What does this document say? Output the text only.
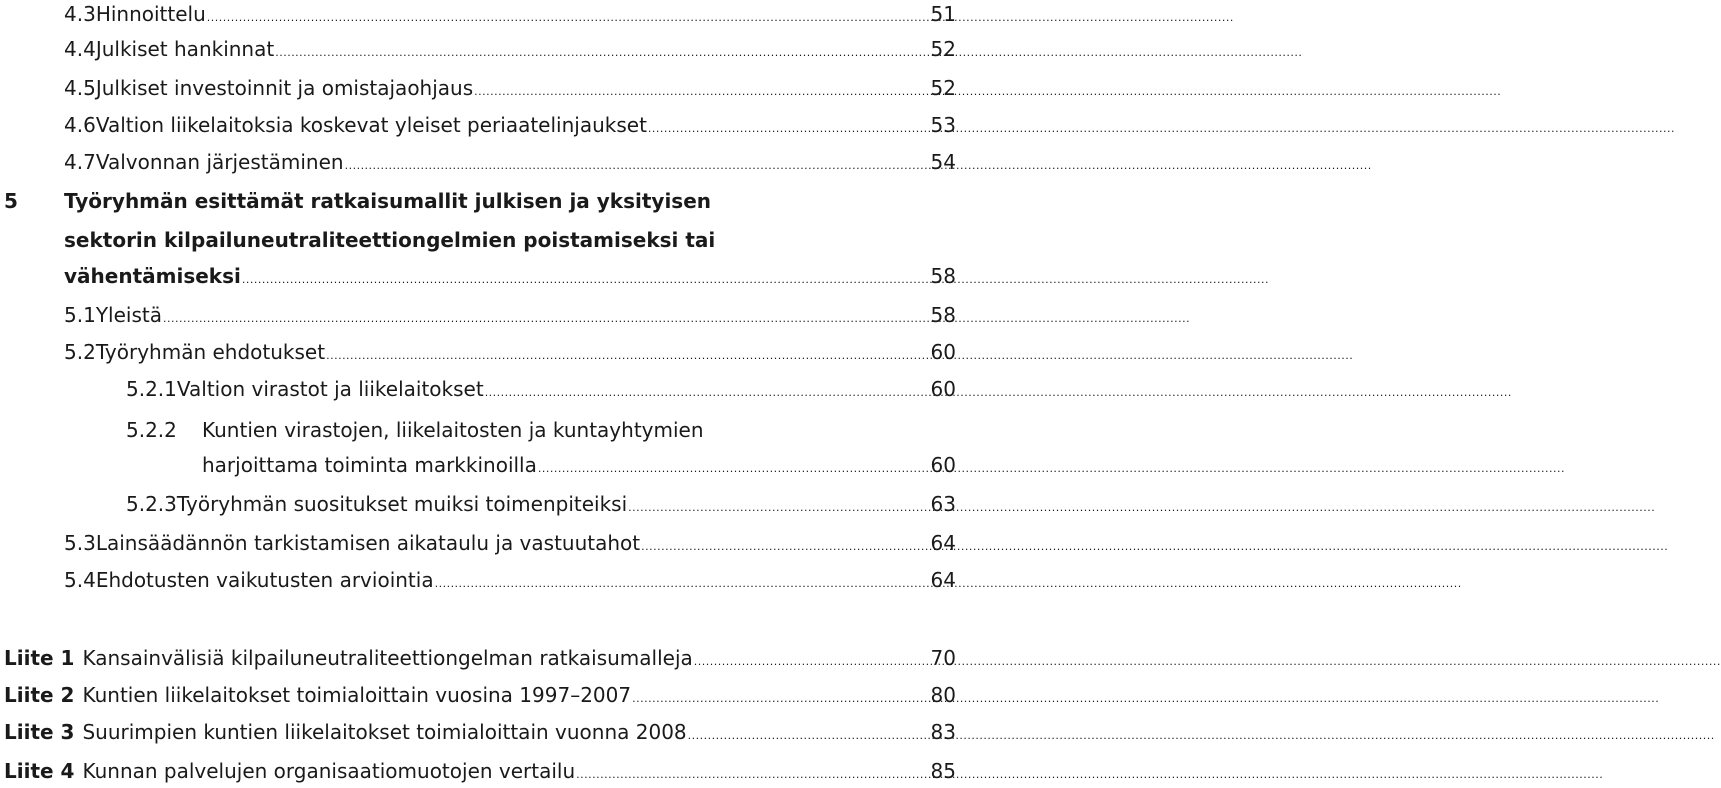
4.3 Hinnoittelu .....	51
4.4 Julkiset hankinnat .....	52
4.5 Julkiset investoinnit ja omistajaohjaus .....	52
4.6 Valtion liikelaitoksia koskevat yleiset periaatelinjaukset .....	53
4.7 Valvonnan järjestäminen .....	54
5 Työryhmän esittämät ratkaisumallit julkisen ja yksityisen
sektorin kilpailuneutraliteettiongelmien poistamiseksi tai
vähentämiseksi .....	58
5.1 Yleistä .....	58
5.2 Työryhmän ehdotukset .....	60
5.2.1 Valtion virastot ja liikelaitokset .....	60
5.2.2 Kuntien virastojen, liikelaitosten ja kuntayhtymien
harjoittama toiminta markkinoilla .....	60
5.2.3 Työryhmän suositukset muiksi toimenpiteiksi .....	63
5.3 Lainsäädännön tarkistamisen aikataulu ja vastuutahot .....	64
5.4 Ehdotusten vaikutusten arviointia .....	64
Liite 1 Kansainvälisiä kilpailuneutraliteettiongelman ratkaisumalleja .....	70
Liite 2 Kuntien liikelaitokset toimialoittain vuosina 1997–2007 .....	80
Liite 3 Suurimpien kuntien liikelaitokset toimialoittain vuonna 2008 .....	83
Liite 4 Kunnan palvelujen organisaatiomuotojen vertailu .....	85
